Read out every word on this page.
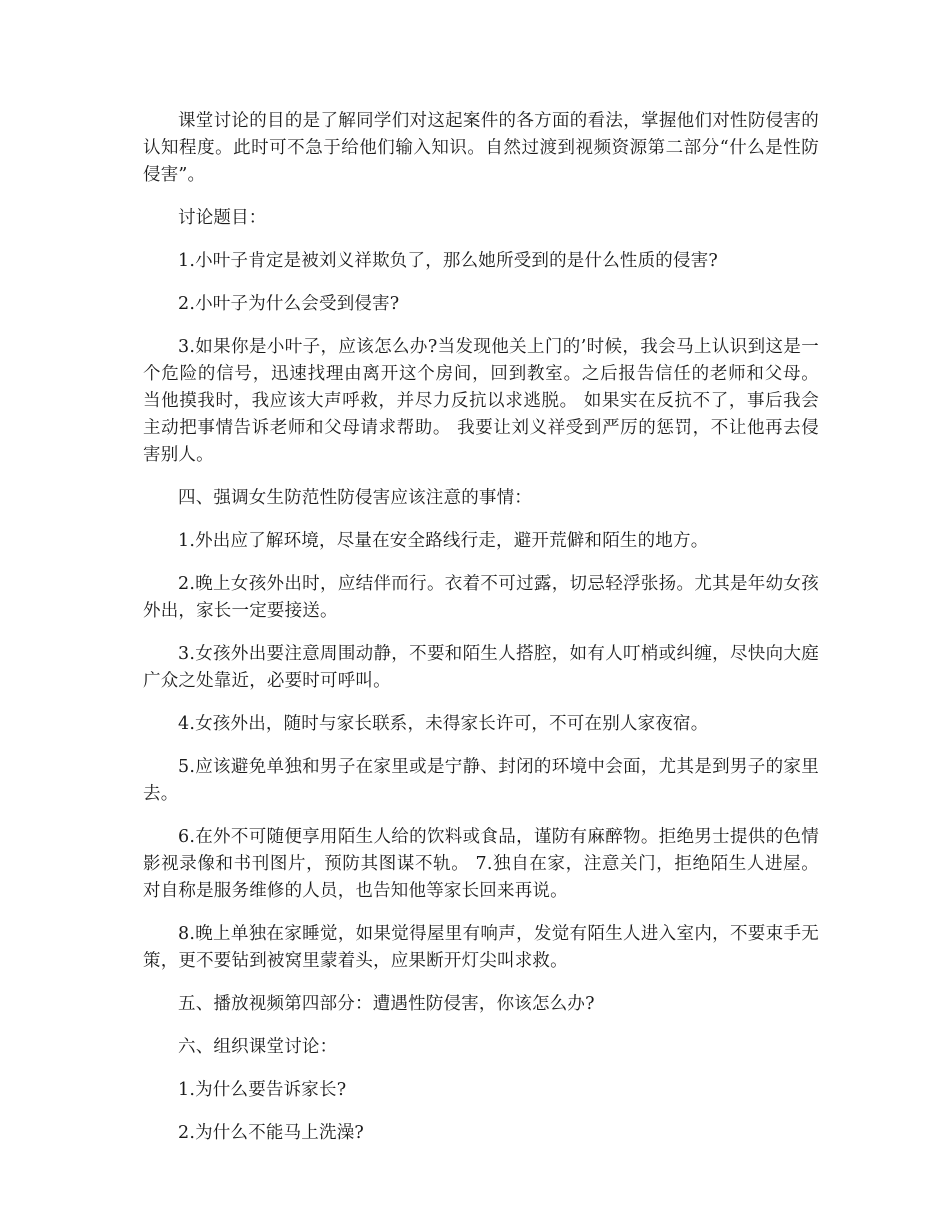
课堂讨论的目的是了解同学们对这起案件的各方面的看法，掌握他们对性防侵害的认知程度。此时可不急于给他们输入知识。自然过渡到视频资源第二部分“什么是性防侵害”。

讨论题目：

1.小叶子肯定是被刘义祥欺负了，那么她所受到的是什么性质的侵害?

2.小叶子为什么会受到侵害?

3.如果你是小叶子，应该怎么办?当发现他关上门的’时候，我会马上认识到这是一个危险的信号，迅速找理由离开这个房间，回到教室。之后报告信任的老师和父母。 当他摸我时，我应该大声呼救，并尽力反抗以求逃脱。 如果实在反抗不了，事后我会主动把事情告诉老师和父母请求帮助。 我要让刘义祥受到严厉的惩罚，不让他再去侵害别人。

四、强调女生防范性防侵害应该注意的事情：

1.外出应了解环境，尽量在安全路线行走，避开荒僻和陌生的地方。

2.晚上女孩外出时，应结伴而行。衣着不可过露，切忌轻浮张扬。尤其是年幼女孩外出，家长一定要接送。

3.女孩外出要注意周围动静，不要和陌生人搭腔，如有人叮梢或纠缠，尽快向大庭广众之处靠近，必要时可呼叫。

4.女孩外出，随时与家长联系，未得家长许可，不可在别人家夜宿。

5.应该避免单独和男子在家里或是宁静、封闭的环境中会面，尤其是到男子的家里去。

6.在外不可随便享用陌生人给的饮料或食品，谨防有麻醉物。拒绝男士提供的色情影视录像和书刊图片，预防其图谋不轨。 7.独自在家，注意关门，拒绝陌生人进屋。对自称是服务维修的人员，也告知他等家长回来再说。

8.晚上单独在家睡觉，如果觉得屋里有响声，发觉有陌生人进入室内，不要束手无策，更不要钻到被窝里蒙着头，应果断开灯尖叫求救。

五、播放视频第四部分：遭遇性防侵害，你该怎么办?

六、组织课堂讨论：

1.为什么要告诉家长?

2.为什么不能马上洗澡?
